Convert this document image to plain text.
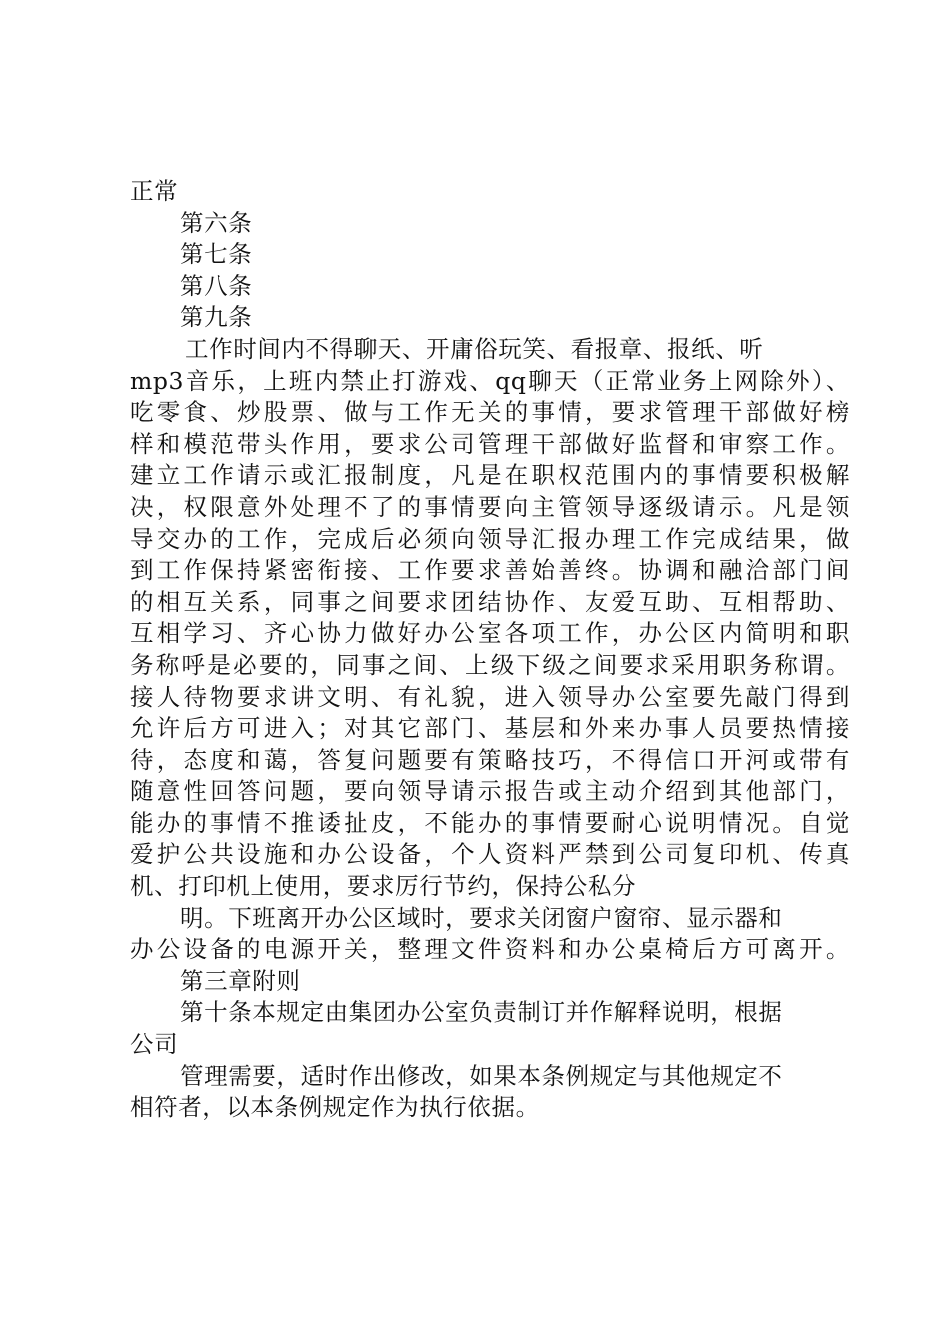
正常
第六条
第七条
第八条
第九条
工作时间内不得聊天、开庸俗玩笑、看报章、报纸、听
mp3音乐，上班内禁止打游戏、qq聊天（正常业务上网除外）、
吃零食、炒股票、做与工作无关的事情，要求管理干部做好榜
样和模范带头作用，要求公司管理干部做好监督和审察工作。
建立工作请示或汇报制度，凡是在职权范围内的事情要积极解
决，权限意外处理不了的事情要向主管领导逐级请示。凡是领
导交办的工作，完成后必须向领导汇报办理工作完成结果，做
到工作保持紧密衔接、工作要求善始善终。协调和融洽部门间
的相互关系，同事之间要求团结协作、友爱互助、互相帮助、
互相学习、齐心协力做好办公室各项工作，办公区内简明和职
务称呼是必要的，同事之间、上级下级之间要求采用职务称谓。
接人待物要求讲文明、有礼貌，进入领导办公室要先敲门得到
允许后方可进入；对其它部门、基层和外来办事人员要热情接
待，态度和蔼，答复问题要有策略技巧，不得信口开河或带有
随意性回答问题，要向领导请示报告或主动介绍到其他部门，
能办的事情不推诿扯皮，不能办的事情要耐心说明情况。自觉
爱护公共设施和办公设备，个人资料严禁到公司复印机、传真
机、打印机上使用，要求厉行节约，保持公私分
明。下班离开办公区域时，要求关闭窗户窗帘、显示器和
办公设备的电源开关，整理文件资料和办公桌椅后方可离开。
第三章附则
第十条本规定由集团办公室负责制订并作解释说明，根据
公司
管理需要，适时作出修改，如果本条例规定与其他规定不
相符者，以本条例规定作为执行依据。
